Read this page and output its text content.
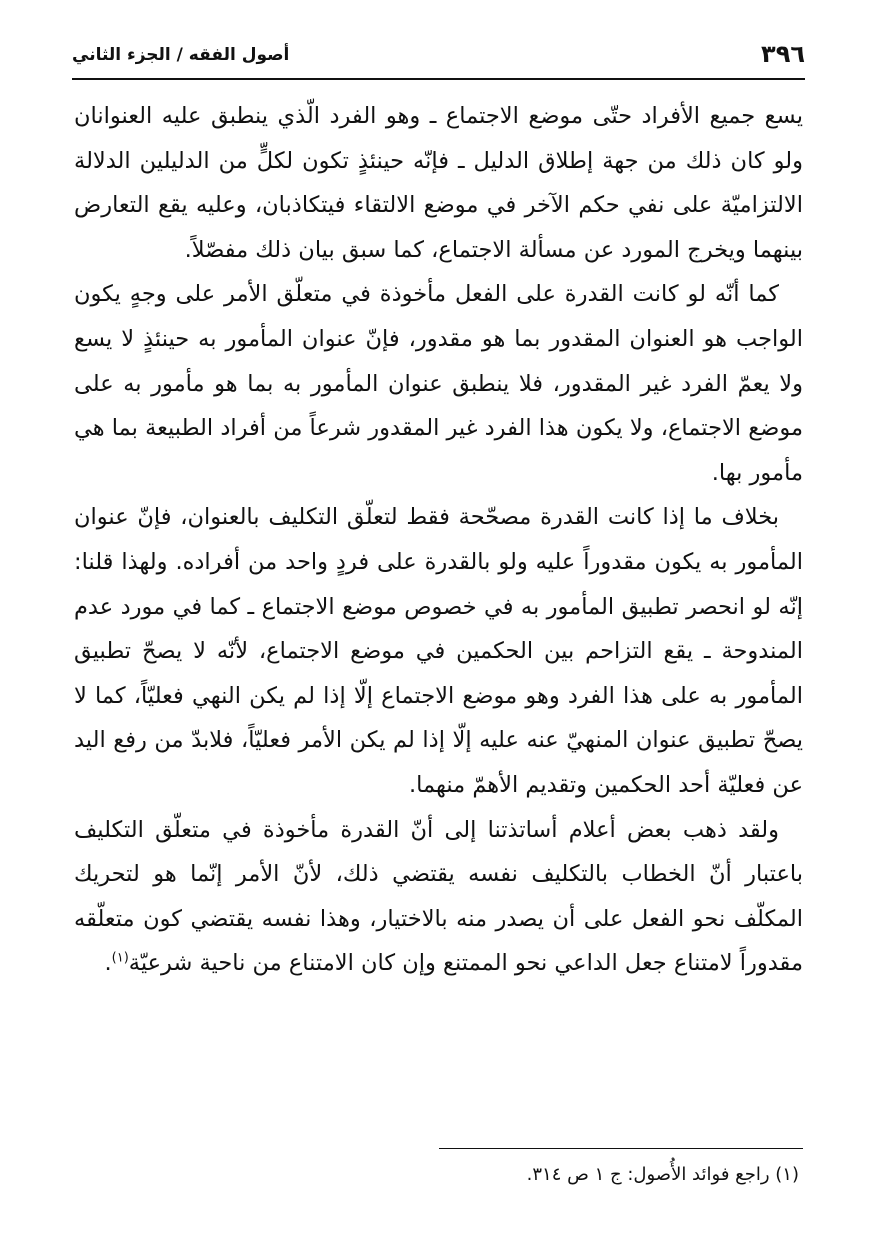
٣٩٦
أصول الفقه / الجزء الثاني

يسع جميع الأفراد حتّى موضع الاجتماع ـ وهو الفرد الّذي ينطبق عليه العنوانان ولو كان ذلك من جهة إطلاق الدليل ـ فإنّه حينئذٍ تكون لكلٍّ من الدليلين الدلالة الالتزاميّة على نفي حكم الآخر في موضع الالتقاء فيتكاذبان، وعليه يقع التعارض بينهما ويخرج المورد عن مسألة الاجتماع، كما سبق بيان ذلك مفصّلاً.

كما أنّه لو كانت القدرة على الفعل مأخوذة في متعلّق الأمر على وجهٍ يكون الواجب هو العنوان المقدور بما هو مقدور، فإنّ عنوان المأمور به حينئذٍ لا يسع ولا يعمّ الفرد غير المقدور، فلا ينطبق عنوان المأمور به بما هو مأمور به على موضع الاجتماع، ولا يكون هذا الفرد غير المقدور شرعاً من أفراد الطبيعة بما هي مأمور بها.

بخلاف ما إذا كانت القدرة مصحّحة فقط لتعلّق التكليف بالعنوان، فإنّ عنوان المأمور به يكون مقدوراً عليه ولو بالقدرة على فردٍ واحد من أفراده. ولهذا قلنا: إنّه لو انحصر تطبيق المأمور به في خصوص موضع الاجتماع ـ كما في مورد عدم المندوحة ـ يقع التزاحم بين الحكمين في موضع الاجتماع، لأنّه لا يصحّ تطبيق المأمور به على هذا الفرد وهو موضع الاجتماع إلّا إذا لم يكن النهي فعليّاً، كما لا يصحّ تطبيق عنوان المنهيّ عنه عليه إلّا إذا لم يكن الأمر فعليّاً، فلابدّ من رفع اليد عن فعليّة أحد الحكمين وتقديم الأهمّ منهما.

ولقد ذهب بعض أعلام أساتذتنا إلى أنّ القدرة مأخوذة في متعلّق التكليف باعتبار أنّ الخطاب بالتكليف نفسه يقتضي ذلك، لأنّ الأمر إنّما هو لتحريك المكلّف نحو الفعل على أن يصدر منه بالاختيار، وهذا نفسه يقتضي كون متعلّقه مقدوراً لامتناع جعل الداعي نحو الممتنع وإن كان الامتناع من ناحية شرعيّة$^{(١)}$.

(١) راجع فوائد الأُصول: ج ١ ص ٣١٤.
